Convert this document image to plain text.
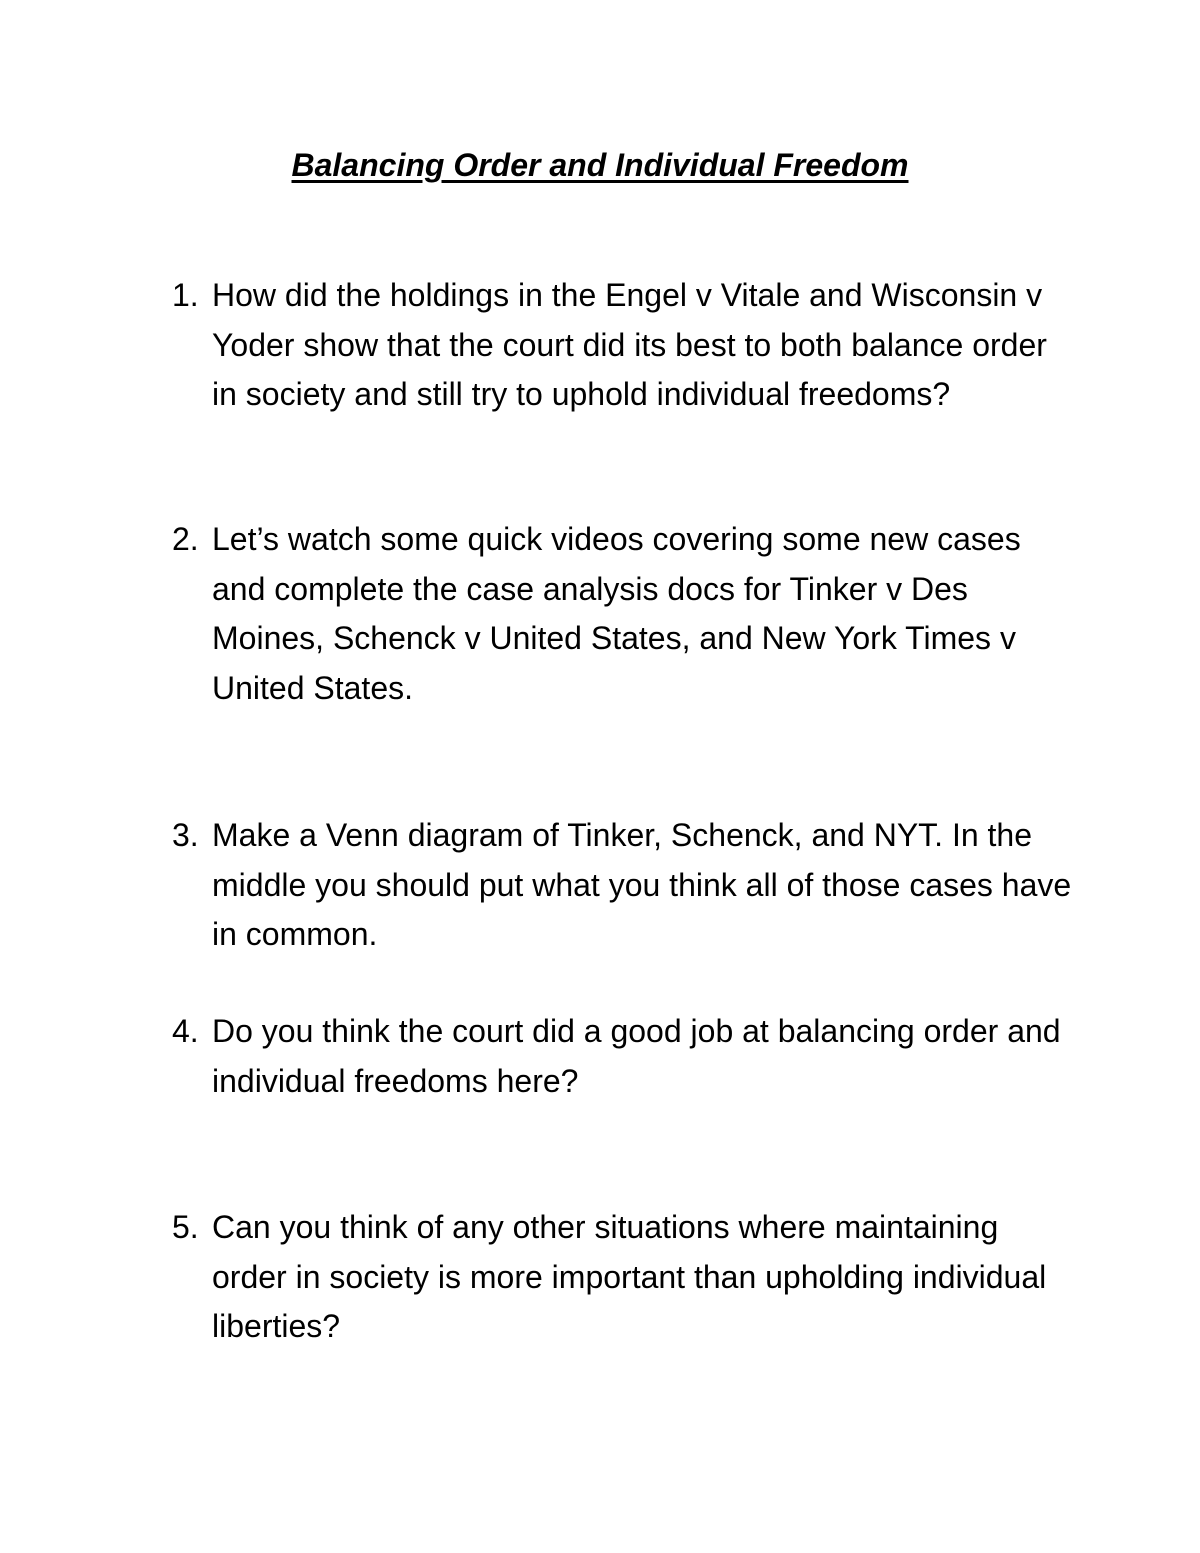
Balancing Order and Individual Freedom
1. How did the holdings in the Engel v Vitale and Wisconsin v Yoder show that the court did its best to both balance order in society and still try to uphold individual freedoms?
2. Let’s watch some quick videos covering some new cases and complete the case analysis docs for Tinker v Des Moines, Schenck v United States, and New York Times v United States.
3. Make a Venn diagram of Tinker, Schenck, and NYT. In the middle you should put what you think all of those cases have in common.
4. Do you think the court did a good job at balancing order and individual freedoms here?
5. Can you think of any other situations where maintaining order in society is more important than upholding individual liberties?
